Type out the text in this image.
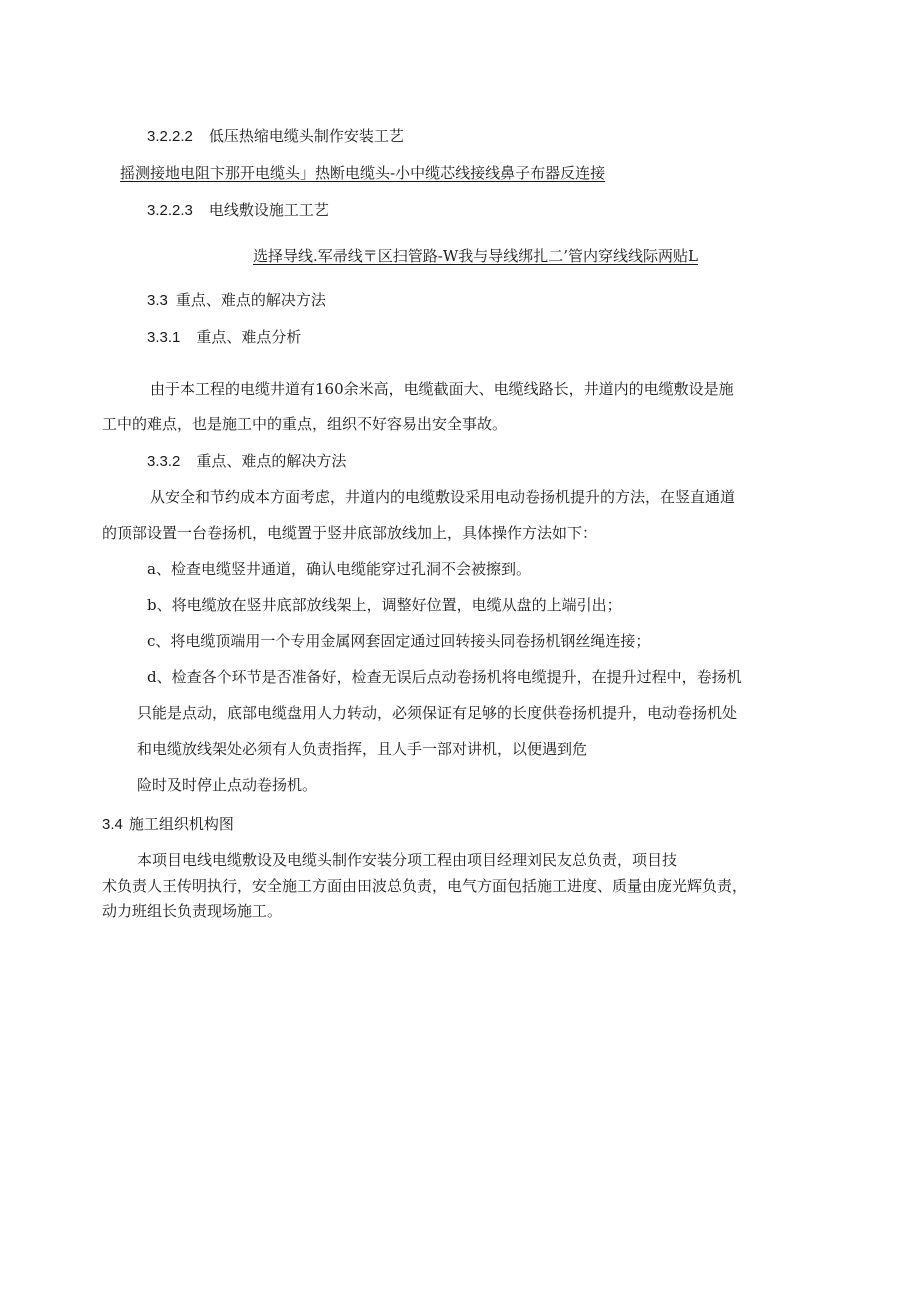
3.2.2.2 低压热缩电缆头制作安装工艺
摇测接地电阻卞那开电缆头」热断电缆头-小中缆芯线接线鼻子布器反连接
3.2.2.3 电线敷设施工工艺
选择导线.军帚线〒区扫管路-W我与导线绑扎二’管内穿线线际两贴L
3.3 重点、难点的解决方法
3.3.1 重点、难点分析
由于本工程的电缆井道有160余米高，电缆截面大、电缆线路长，井道内的电缆敷设是施
工中的难点，也是施工中的重点，组织不好容易出安全事故。
3.3.2 重点、难点的解决方法
从安全和节约成本方面考虑，井道内的电缆敷设采用电动卷扬机提升的方法，在竖直通道
的顶部设置一台卷扬机，电缆置于竖井底部放线加上，具体操作方法如下：
a、检查电缆竖井通道，确认电缆能穿过孔洞不会被擦到。
b、将电缆放在竖井底部放线架上，调整好位置，电缆从盘的上端引出；
c、将电缆顶端用一个专用金属网套固定通过回转接头同卷扬机钢丝绳连接；
d、检查各个环节是否准备好，检查无误后点动卷扬机将电缆提升，在提升过程中，卷扬机
只能是点动，底部电缆盘用人力转动，必须保证有足够的长度供卷扬机提升，电动卷扬机处
和电缆放线架处必须有人负责指挥，且人手一部对讲机，以便遇到危
险时及时停止点动卷扬机。
3.4 施工组织机构图
本项目电线电缆敷设及电缆头制作安装分项工程由项目经理刘民友总负责，项目技
术负责人王传明执行，安全施工方面由田波总负责，电气方面包括施工进度、质量由庞光辉负责，
动力班组长负责现场施工。
